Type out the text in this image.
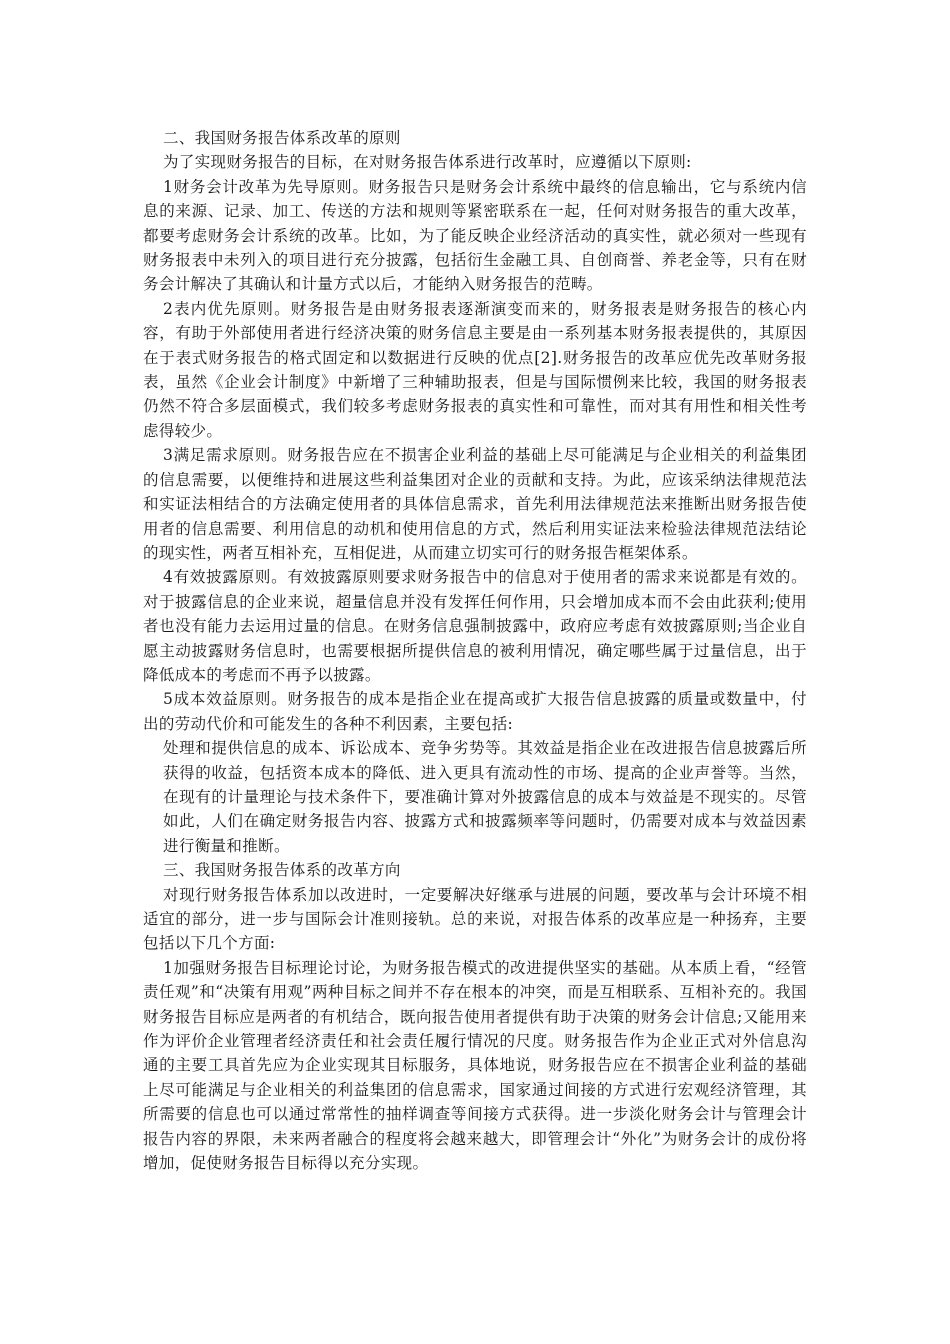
二、我国财务报告体系改革的原则

为了实现财务报告的目标，在对财务报告体系进行改革时，应遵循以下原则:

1财务会计改革为先导原则。财务报告只是财务会计系统中最终的信息输出，它与系统内信息的来源、记录、加工、传送的方法和规则等紧密联系在一起，任何对财务报告的重大改革，都要考虑财务会计系统的改革。比如，为了能反映企业经济活动的真实性，就必须对一些现有财务报表中未列入的项目进行充分披露，包括衍生金融工具、自创商誉、养老金等，只有在财务会计解决了其确认和计量方式以后，才能纳入财务报告的范畴。

2表内优先原则。财务报告是由财务报表逐渐演变而来的，财务报表是财务报告的核心内容，有助于外部使用者进行经济决策的财务信息主要是由一系列基本财务报表提供的，其原因在于表式财务报告的格式固定和以数据进行反映的优点[2].财务报告的改革应优先改革财务报表，虽然《企业会计制度》中新增了三种辅助报表，但是与国际惯例来比较，我国的财务报表仍然不符合多层面模式，我们较多考虑财务报表的真实性和可靠性，而对其有用性和相关性考虑得较少。

3满足需求原则。财务报告应在不损害企业利益的基础上尽可能满足与企业相关的利益集团的信息需要，以便维持和进展这些利益集团对企业的贡献和支持。为此，应该采纳法律规范法和实证法相结合的方法确定使用者的具体信息需求，首先利用法律规范法来推断出财务报告使用者的信息需要、利用信息的动机和使用信息的方式，然后利用实证法来检验法律规范法结论的现实性，两者互相补充，互相促进，从而建立切实可行的财务报告框架体系。

4有效披露原则。有效披露原则要求财务报告中的信息对于使用者的需求来说都是有效的。对于披露信息的企业来说，超量信息并没有发挥任何作用，只会增加成本而不会由此获利;使用者也没有能力去运用过量的信息。在财务信息强制披露中，政府应考虑有效披露原则;当企业自愿主动披露财务信息时，也需要根据所提供信息的被利用情况，确定哪些属于过量信息，出于降低成本的考虑而不再予以披露。

5成本效益原则。财务报告的成本是指企业在提高或扩大报告信息披露的质量或数量中，付出的劳动代价和可能发生的各种不利因素，主要包括:

处理和提供信息的成本、诉讼成本、竞争劣势等。其效益是指企业在改进报告信息披露后所获得的收益，包括资本成本的降低、进入更具有流动性的市场、提高的企业声誉等。当然，在现有的计量理论与技术条件下，要准确计算对外披露信息的成本与效益是不现实的。尽管如此，人们在确定财务报告内容、披露方式和披露频率等问题时，仍需要对成本与效益因素进行衡量和推断。

三、我国财务报告体系的改革方向

对现行财务报告体系加以改进时，一定要解决好继承与进展的问题，要改革与会计环境不相适宜的部分，进一步与国际会计准则接轨。总的来说，对报告体系的改革应是一种扬弃，主要包括以下几个方面:

1加强财务报告目标理论讨论，为财务报告模式的改进提供坚实的基础。从本质上看，“经管责任观”和“决策有用观”两种目标之间并不存在根本的冲突，而是互相联系、互相补充的。我国财务报告目标应是两者的有机结合，既向报告使用者提供有助于决策的财务会计信息;又能用来作为评价企业管理者经济责任和社会责任履行情况的尺度。财务报告作为企业正式对外信息沟通的主要工具首先应为企业实现其目标服务，具体地说，财务报告应在不损害企业利益的基础上尽可能满足与企业相关的利益集团的信息需求，国家通过间接的方式进行宏观经济管理，其所需要的信息也可以通过常常性的抽样调查等间接方式获得。进一步淡化财务会计与管理会计报告内容的界限，未来两者融合的程度将会越来越大，即管理会计“外化”为财务会计的成份将增加，促使财务报告目标得以充分实现。
